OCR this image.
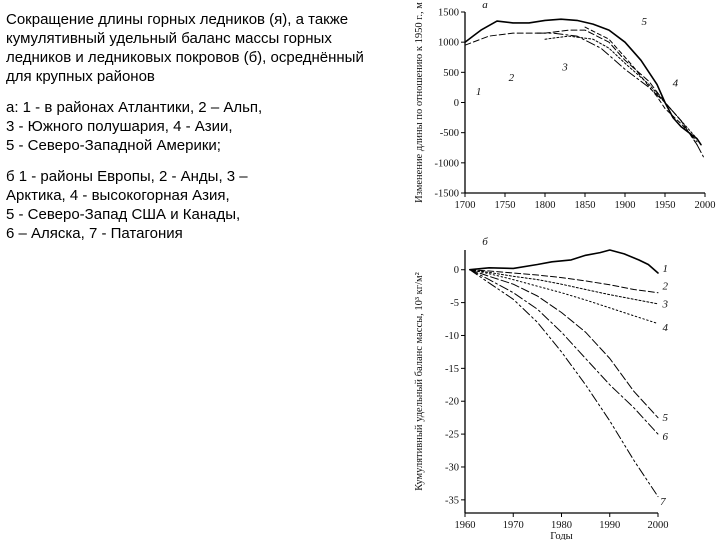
Сокращение длины горных ледников (я), а также кумулятивный удельный баланс массы горных ледников и ледниковых покровов (б), осреднённый для крупных районов

а: 1 - в районах Атлантики, 2 – Альп,
3 - Южного полушария, 4 - Азии,
5 - Северо-Западной Америки;

б 1 - районы Европы, 2 - Анды, 3 –
Арктика, 4 - высокогорная Азия,
5 - Северо-Запад США и Канады,
6 – Аляска, 7 - Патагония

а
1500
1000
500
0
-500
-1000
-1500
1700 1750 1800 1850 1900 1950 2000
Изменение длины по отношению к 1950 г., м	1
2
3
4
5
б
0
-5
-10
-15
-20
-25
-30
-35
1960	1970	1980	1990	2000
Кумулятивный удельный баланс массы, 10³ кг/м²
Годы
1
2
3
4
5
6
7
